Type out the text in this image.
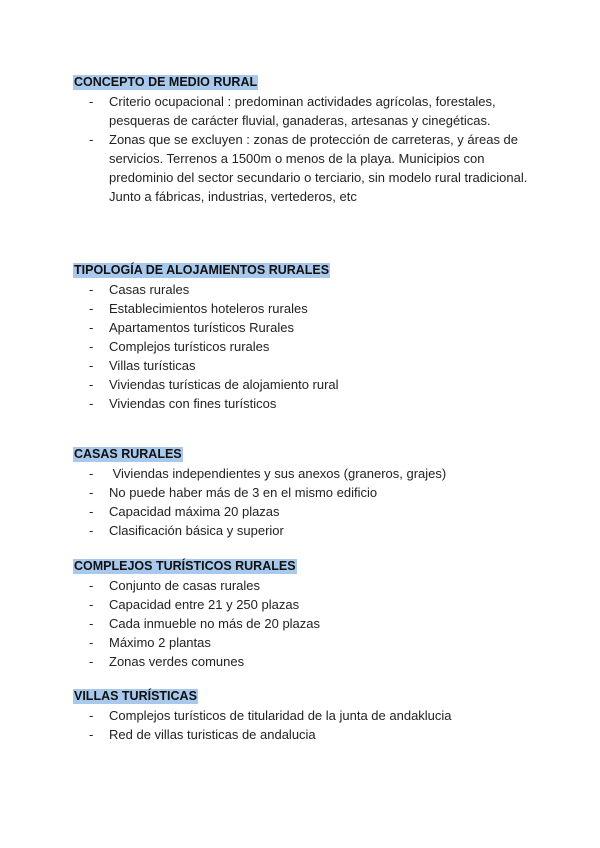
CONCEPTO DE MEDIO RURAL
- Criterio ocupacional : predominan actividades agrícolas, forestales, pesqueras de carácter fluvial, ganaderas, artesanas y cinegéticas.
- Zonas que se excluyen : zonas de protección de carreteras, y áreas de servicios. Terrenos a 1500m o menos de la playa. Municipios con predominio del sector secundario o terciario, sin modelo rural tradicional. Junto a fábricas, industrias, vertederos, etc
TIPOLOGÍA DE ALOJAMIENTOS RURALES
- Casas rurales
- Establecimientos hoteleros rurales
- Apartamentos turísticos Rurales
- Complejos turísticos rurales
- Villas turísticas
- Viviendas turísticas de alojamiento rural
- Viviendas con fines turísticos
CASAS RURALES
- Viviendas independientes y sus anexos (graneros, grajes)
- No puede haber más de 3 en el mismo edificio
- Capacidad máxima 20 plazas
- Clasificación básica y superior
COMPLEJOS TURÍSTICOS RURALES
- Conjunto de casas rurales
- Capacidad entre 21 y 250 plazas
- Cada inmueble no más de 20 plazas
- Máximo 2 plantas
- Zonas verdes comunes
VILLAS TURÍSTICAS
- Complejos turísticos de titularidad de la junta de andaklucia
- Red de villas turisticas de andalucia
